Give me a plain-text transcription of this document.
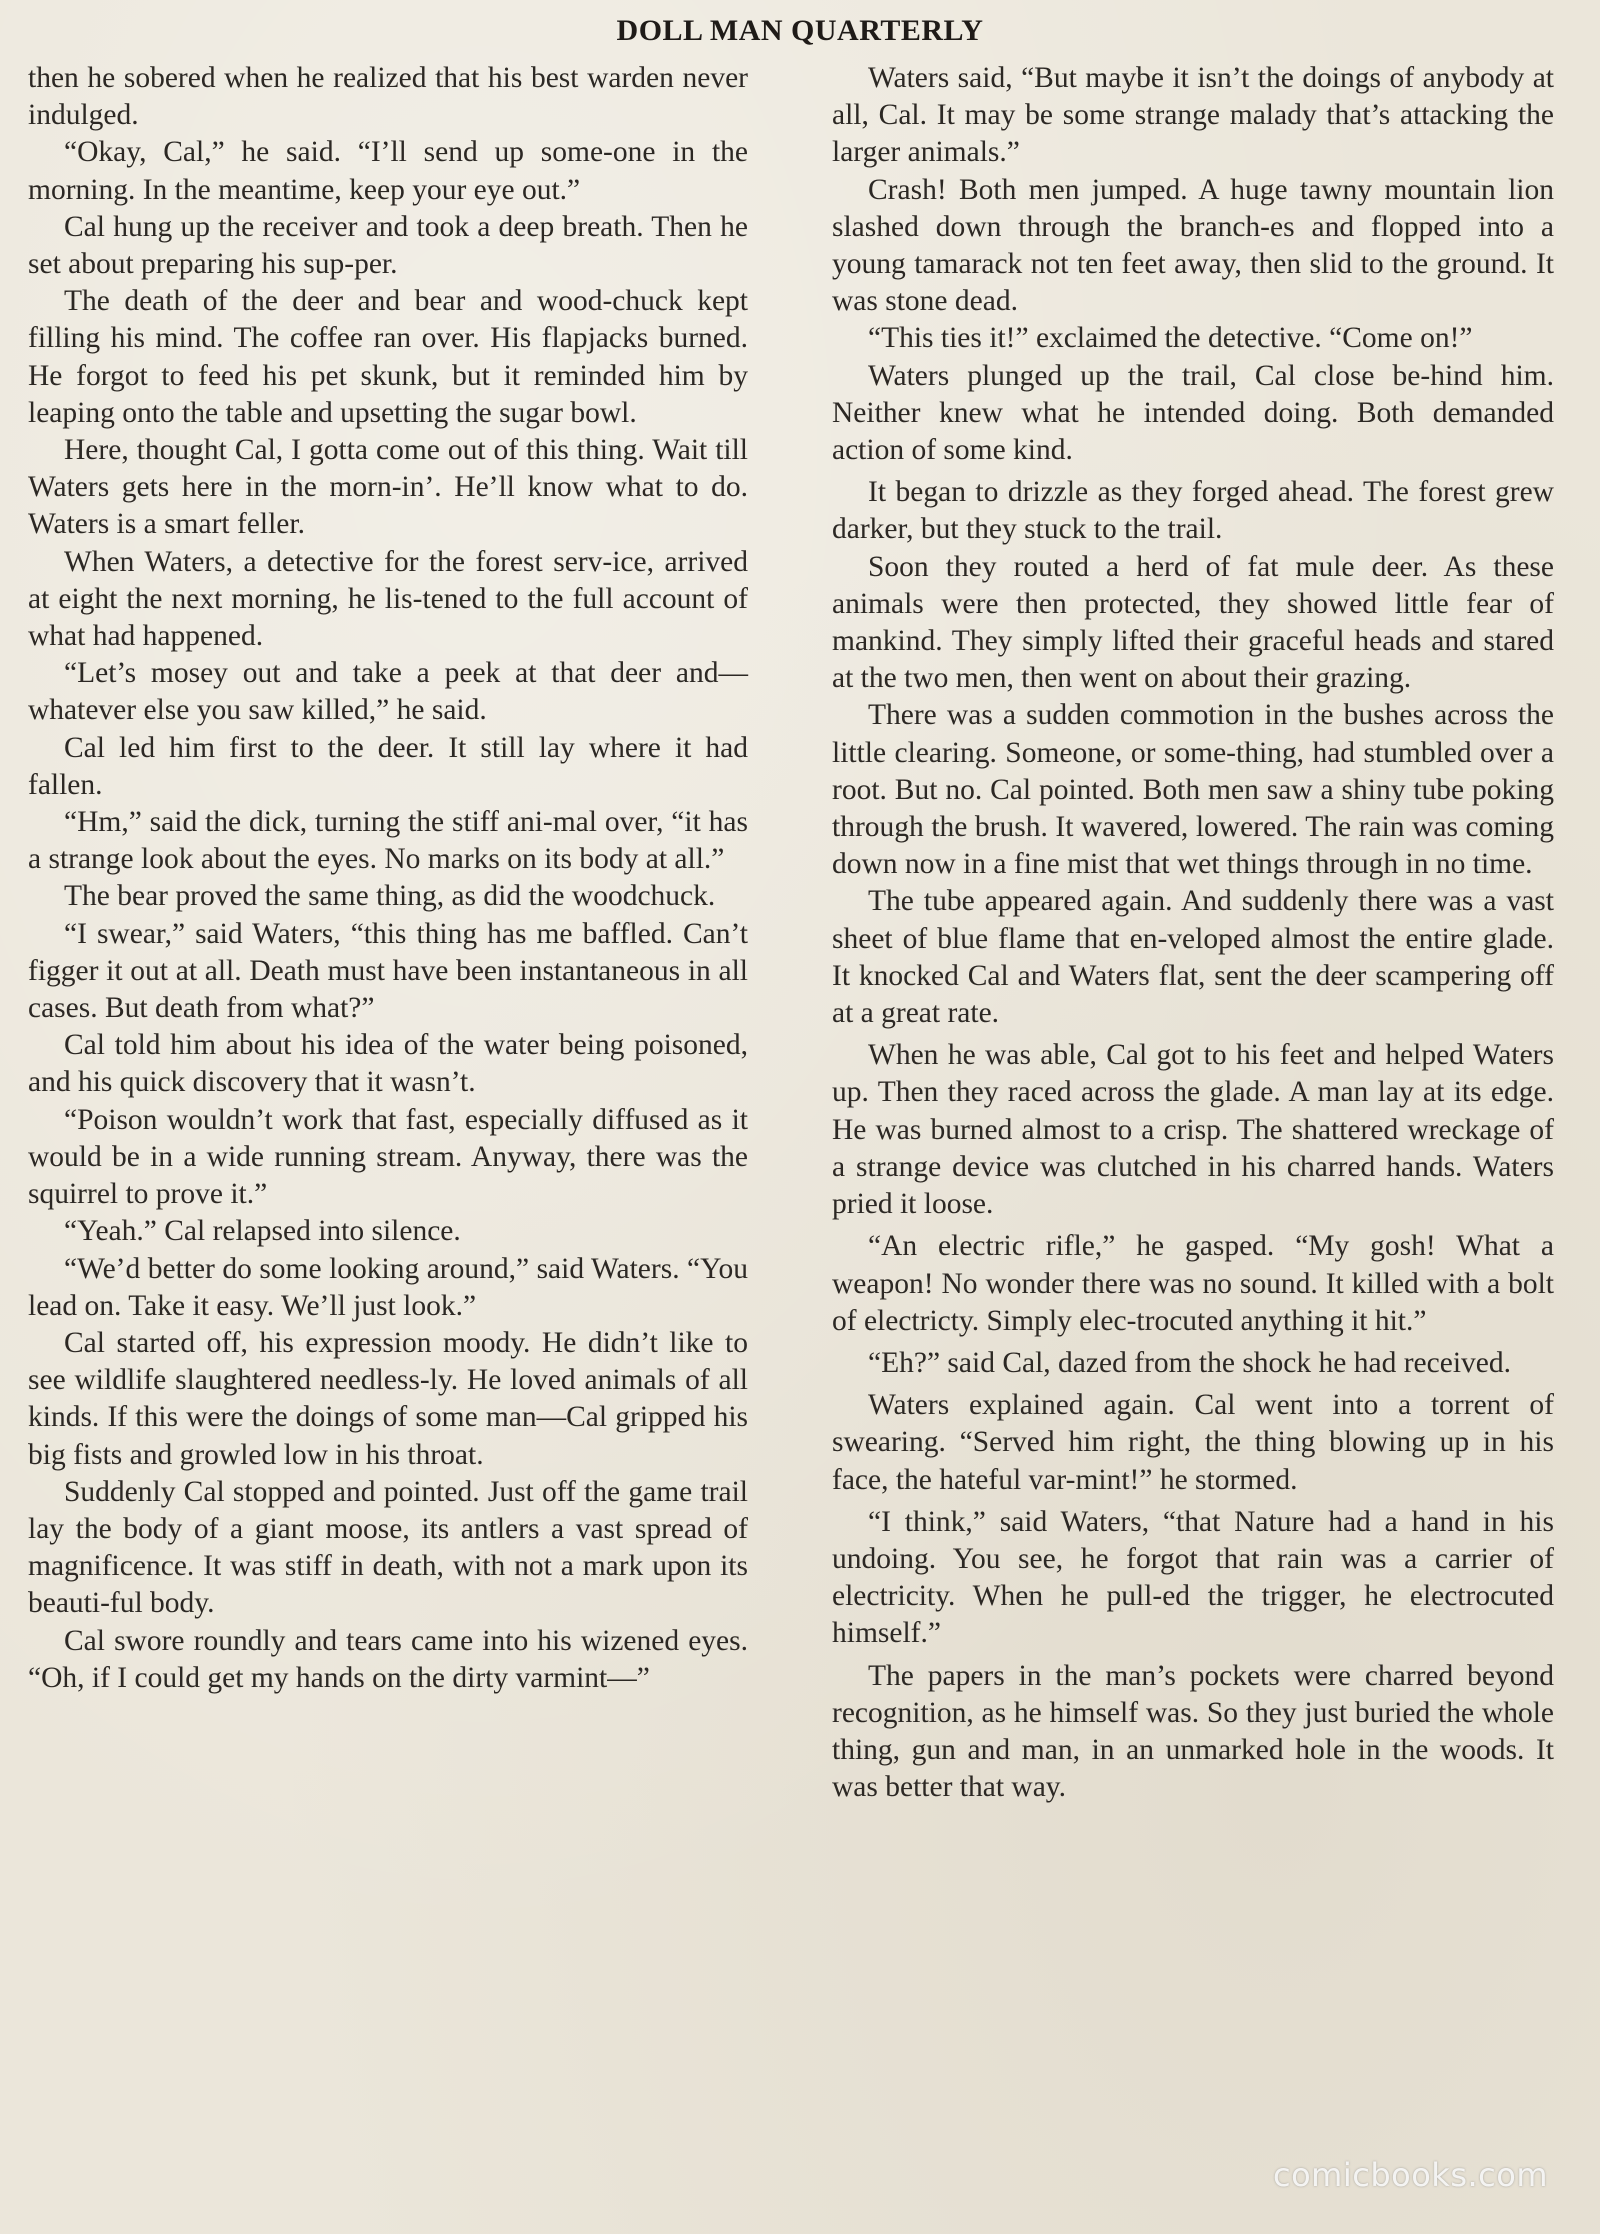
DOLL MAN QUARTERLY

then he sobered when he realized that his best warden never indulged.

“Okay, Cal,” he said. “I’ll send up some-one in the morning. In the meantime, keep your eye out.”

Cal hung up the receiver and took a deep breath. Then he set about preparing his sup-per.

The death of the deer and bear and wood-chuck kept filling his mind. The coffee ran over. His flapjacks burned. He forgot to feed his pet skunk, but it reminded him by leaping onto the table and upsetting the sugar bowl.

Here, thought Cal, I gotta come out of this thing. Wait till Waters gets here in the morn-in’. He’ll know what to do. Waters is a smart feller.

When Waters, a detective for the forest serv-ice, arrived at eight the next morning, he lis-tened to the full account of what had happened.

“Let’s mosey out and take a peek at that deer and—whatever else you saw killed,” he said.

Cal led him first to the deer. It still lay where it had fallen.

“Hm,” said the dick, turning the stiff ani-mal over, “it has a strange look about the eyes. No marks on its body at all.”

The bear proved the same thing, as did the woodchuck.

“I swear,” said Waters, “this thing has me baffled. Can’t figger it out at all. Death must have been instantaneous in all cases. But death from what?”

Cal told him about his idea of the water being poisoned, and his quick discovery that it wasn’t.

“Poison wouldn’t work that fast, especially diffused as it would be in a wide running stream. Anyway, there was the squirrel to prove it.”

“Yeah.” Cal relapsed into silence.

“We’d better do some looking around,” said Waters. “You lead on. Take it easy. We’ll just look.”

Cal started off, his expression moody. He didn’t like to see wildlife slaughtered needless-ly. He loved animals of all kinds. If this were the doings of some man—Cal gripped his big fists and growled low in his throat.

Suddenly Cal stopped and pointed. Just off the game trail lay the body of a giant moose, its antlers a vast spread of magnificence. It was stiff in death, with not a mark upon its beauti-ful body.

Cal swore roundly and tears came into his wizened eyes. “Oh, if I could get my hands on the dirty varmint—”

Waters said, “But maybe it isn’t the doings of anybody at all, Cal. It may be some strange malady that’s attacking the larger animals.”

Crash! Both men jumped. A huge tawny mountain lion slashed down through the branch-es and flopped into a young tamarack not ten feet away, then slid to the ground. It was stone dead.

“This ties it!” exclaimed the detective. “Come on!”

Waters plunged up the trail, Cal close be-hind him. Neither knew what he intended doing. Both demanded action of some kind.

It began to drizzle as they forged ahead. The forest grew darker, but they stuck to the trail.

Soon they routed a herd of fat mule deer. As these animals were then protected, they showed little fear of mankind. They simply lifted their graceful heads and stared at the two men, then went on about their grazing.

There was a sudden commotion in the bushes across the little clearing. Someone, or some-thing, had stumbled over a root. But no. Cal pointed. Both men saw a shiny tube poking through the brush. It wavered, lowered. The rain was coming down now in a fine mist that wet things through in no time.

The tube appeared again. And suddenly there was a vast sheet of blue flame that en-veloped almost the entire glade. It knocked Cal and Waters flat, sent the deer scampering off at a great rate.

When he was able, Cal got to his feet and helped Waters up. Then they raced across the glade. A man lay at its edge. He was burned almost to a crisp. The shattered wreckage of a strange device was clutched in his charred hands. Waters pried it loose.

“An electric rifle,” he gasped. “My gosh! What a weapon! No wonder there was no sound. It killed with a bolt of electricty. Simply elec-trocuted anything it hit.”

“Eh?” said Cal, dazed from the shock he had received.

Waters explained again. Cal went into a torrent of swearing. “Served him right, the thing blowing up in his face, the hateful var-mint!” he stormed.

“I think,” said Waters, “that Nature had a hand in his undoing. You see, he forgot that rain was a carrier of electricity. When he pull-ed the trigger, he electrocuted himself.”

The papers in the man’s pockets were charred beyond recognition, as he himself was. So they just buried the whole thing, gun and man, in an unmarked hole in the woods. It was better that way.

comicbooks.com
